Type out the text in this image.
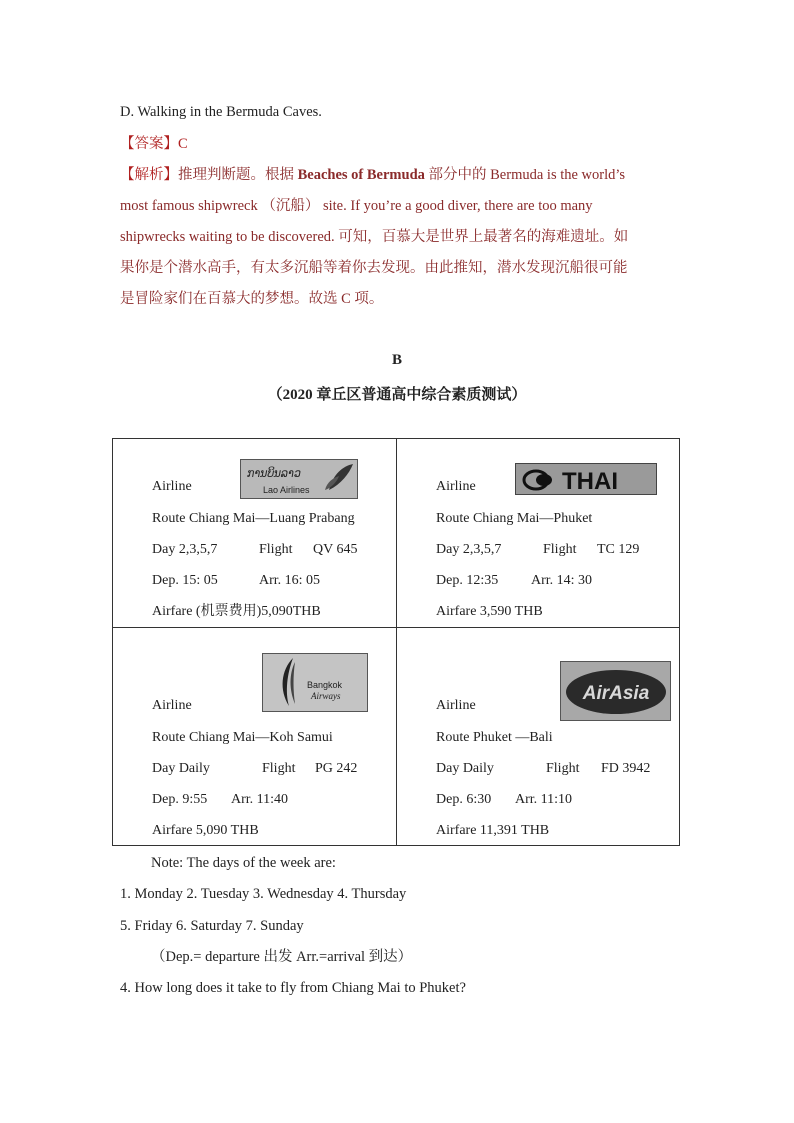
D. Walking in the Bermuda Caves.
【答案】C
【解析】推理判断题。根据 Beaches of Bermuda 部分中的 Bermuda is the world’s
most famous shipwreck （沉船） site. If you’re a good diver, there are too many
shipwrecks waiting to be discovered. 可知，百慕大是世界上最著名的海难遗址。如
果你是个潜水高手，有太多沉船等着你去发现。由此推知，潜水发现沉船很可能
是冒险家们在百慕大的梦想。故选 C 项。
B
（2020 章丘区普通高中综合素质测试）
ການບິນລາວ
Lao Airlines
Airline
Route Chiang Mai—Luang Prabang
Day 2,3,5,7	Flight QV 645
Dep. 15: 05	Arr. 16: 05
Airfare (机票费用)5,090THB
THAI
Airline
Route Chiang Mai—Phuket
Day 2,3,5,7	Flight TC 129
Dep. 12:35 Arr. 14: 30
Airfare 3,590 THB
Bangkok
Airways
Airline
Route Chiang Mai—Koh Samui
Day Daily	Flight PG 242
Dep. 9:55 Arr. 11:40
Airfare 5,090 THB
AirAsia
Airline
Route Phuket —Bali
Day Daily	Flight FD 3942
Dep. 6:30 Arr. 11:10
Airfare 11,391 THB
Note: The days of the week are:
1. Monday 2. Tuesday 3. Wednesday 4. Thursday
5. Friday 6. Saturday 7. Sunday
（Dep.= departure 出发 Arr.=arrival 到达）
4. How long does it take to fly from Chiang Mai to Phuket?
